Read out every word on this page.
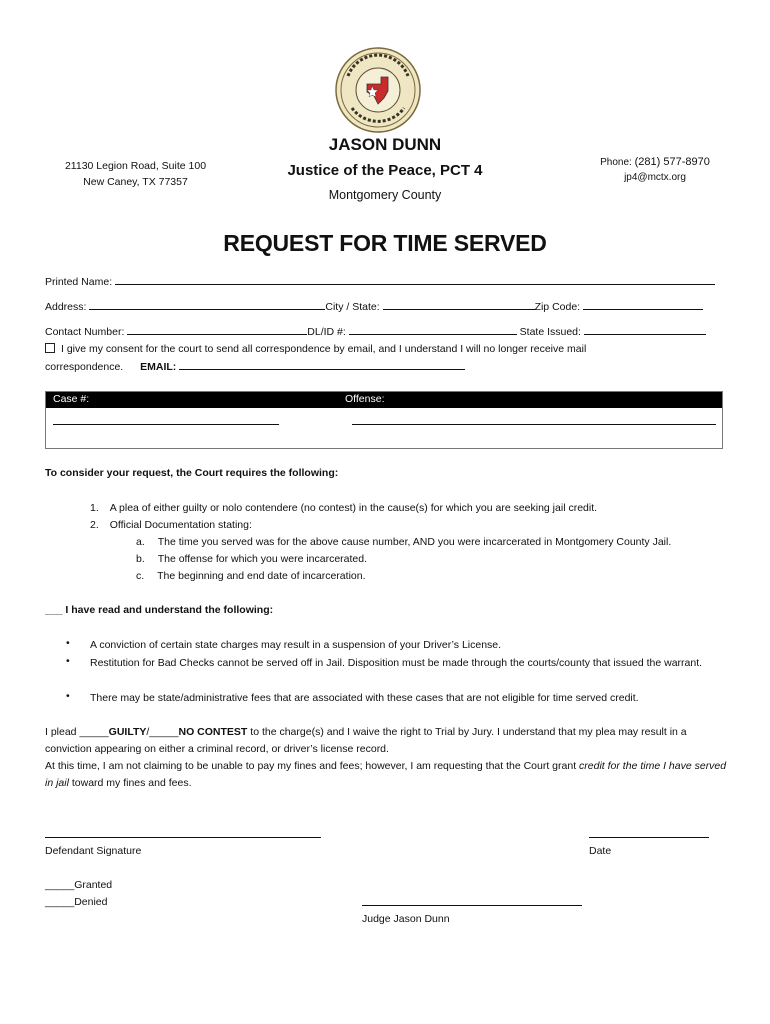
21130 Legion Road, Suite 100
New Caney, TX 77357
JASON DUNN
Justice of the Peace, PCT 4
Montgomery County
Phone: (281) 577-8970
jp4@mctx.org
REQUEST FOR TIME SERVED
Printed Name:
Address:	City / State:	Zip Code:
Contact Number:	DL/ID #:	State Issued:
I give my consent for the court to send all correspondence by email, and I understand I will no longer receive mail
correspondence. EMAIL:
Case #:	Offense:
To consider your request, the Court requires the following:
1. A plea of either guilty or nolo contendere (no contest) in the cause(s) for which you are seeking jail credit.
2. Official Documentation stating:
a. The time you served was for the above cause number, AND you were incarcerated in Montgomery County Jail.
b. The offense for which you were incarcerated.
c. The beginning and end date of incarceration.
___ I have read and understand the following:
• A conviction of certain state charges may result in a suspension of your Driver’s License.
• Restitution for Bad Checks cannot be served off in Jail. Disposition must be made through the courts/county that issued the warrant.
• There may be state/administrative fees that are associated with these cases that are not eligible for time served credit.
I plead _____GUILTY/_____NO CONTEST to the charge(s) and I waive the right to Trial by Jury. I understand that my plea may result in a conviction appearing on either a criminal record, or driver’s license record.
At this time, I am not claiming to be unable to pay my fines and fees; however, I am requesting that the Court grant credit for the time I have served in jail toward my fines and fees.
Defendant Signature	Date
_____Granted
_____Denied
Judge Jason Dunn
